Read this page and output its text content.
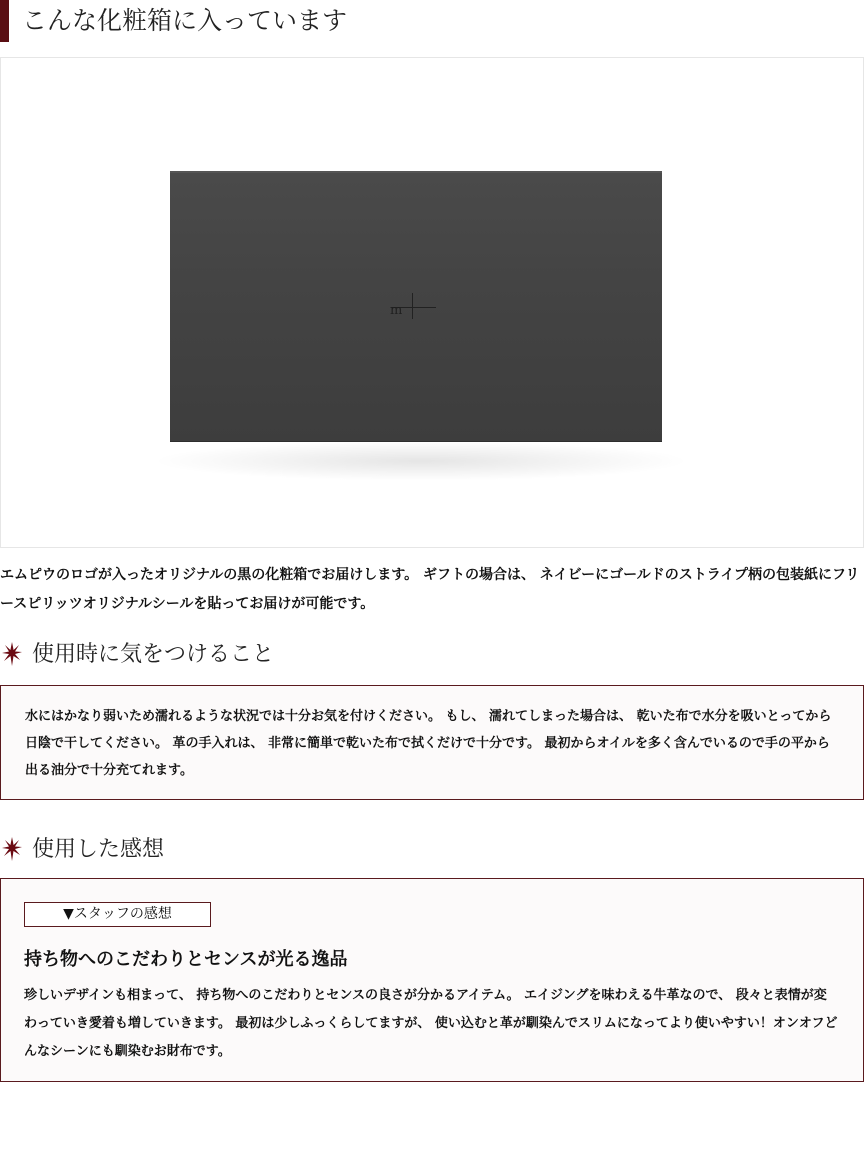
こんな化粧箱に入っています
m
エムピウのロゴが入ったオリジナルの黒の化粧箱でお届けします。 ギフトの場合は、 ネイビーにゴールドのストライプ柄の包装紙にフリースピリッツオリジナルシールを貼ってお届けが可能です。
使用時に気をつけること
水にはかなり弱いため濡れるような状況では十分お気を付けください。 もし、 濡れてしまった場合は、 乾いた布で水分を吸いとってから日陰で干してください。 革の手入れは、 非常に簡単で乾いた布で拭くだけで十分です。 最初からオイルを多く含んでいるので手の平から出る油分で十分充てれます。
使用した感想
▼スタッフの感想
持ち物へのこだわりとセンスが光る逸品
珍しいデザインも相まって、 持ち物へのこだわりとセンスの良さが分かるアイテム。 エイジングを味わえる牛革なので、 段々と表情が変わっていき愛着も増していきます。 最初は少しふっくらしてますが、 使い込むと革が馴染んでスリムになってより使いやすい！オンオフどんなシーンにも馴染むお財布です。
